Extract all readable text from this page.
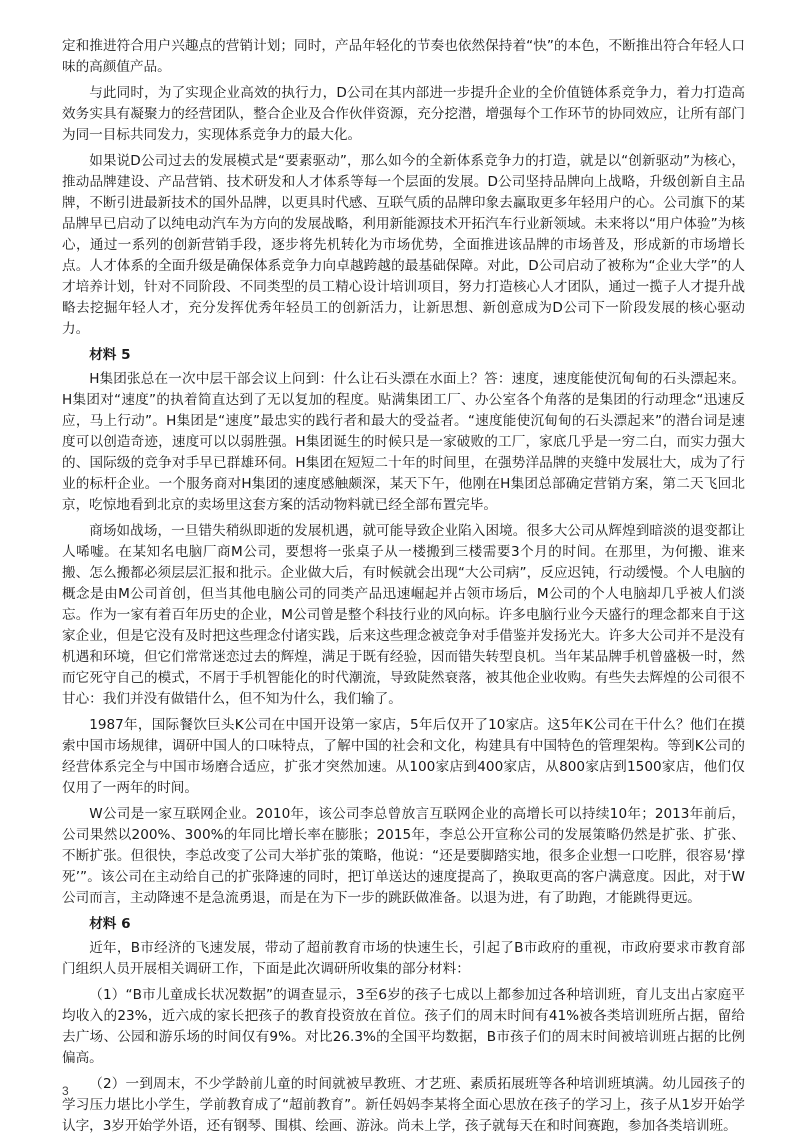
定和推进符合用户兴趣点的营销计划；同时，产品年轻化的节奏也依然保持着“快”的本色，不断推出符合年轻人口味的高颜值产品。

与此同时，为了实现企业高效的执行力，D公司在其内部进一步提升企业的全价值链体系竞争力，着力打造高效务实具有凝聚力的经营团队，整合企业及合作伙伴资源，充分挖潜，增强每个工作环节的协同效应，让所有部门为同一目标共同发力，实现体系竞争力的最大化。

如果说D公司过去的发展模式是“要素驱动”，那么如今的全新体系竞争力的打造，就是以“创新驱动”为核心，推动品牌建设、产品营销、技术研发和人才体系等每一个层面的发展。D公司坚持品牌向上战略，升级创新自主品牌，不断引进最新技术的国外品牌，以更具时代感、互联气质的品牌印象去赢取更多年轻用户的心。公司旗下的某品牌早已启动了以纯电动汽车为方向的发展战略，利用新能源技术开拓汽车行业新领域。未来将以“用户体验”为核心，通过一系列的创新营销手段，逐步将先机转化为市场优势，全面推进该品牌的市场普及，形成新的市场增长点。人才体系的全面升级是确保体系竞争力向卓越跨越的最基础保障。对此，D公司启动了被称为“企业大学”的人才培养计划，针对不同阶段、不同类型的员工精心设计培训项目，努力打造核心人才团队，通过一揽子人才提升战略去挖掘年轻人才，充分发挥优秀年轻员工的创新活力，让新思想、新创意成为D公司下一阶段发展的核心驱动力。

材料 5

H集团张总在一次中层干部会议上问到：什么让石头漂在水面上？答：速度，速度能使沉甸甸的石头漂起来。H集团对“速度”的执着简直达到了无以复加的程度。贴满集团工厂、办公室各个角落的是集团的行动理念“迅速反应，马上行动”。H集团是“速度”最忠实的践行者和最大的受益者。“速度能使沉甸甸的石头漂起来”的潜台词是速度可以创造奇迹，速度可以以弱胜强。H集团诞生的时候只是一家破败的工厂，家底几乎是一穷二白，而实力强大的、国际级的竞争对手早已群雄环伺。H集团在短短二十年的时间里，在强势洋品牌的夹缝中发展壮大，成为了行业的标杆企业。一个服务商对H集团的速度感触颇深，某天下午，他刚在H集团总部确定营销方案，第二天飞回北京，吃惊地看到北京的卖场里这套方案的活动物料就已经全部布置完毕。

商场如战场，一旦错失稍纵即逝的发展机遇，就可能导致企业陷入困境。很多大公司从辉煌到暗淡的退变都让人唏嘘。在某知名电脑厂商M公司，要想将一张桌子从一楼搬到三楼需要3个月的时间。在那里，为何搬、谁来搬、怎么搬都必须层层汇报和批示。企业做大后，有时候就会出现“大公司病”，反应迟钝，行动缓慢。个人电脑的概念是由M公司首创，但当其他电脑公司的同类产品迅速崛起并占领市场后，M公司的个人电脑却几乎被人们淡忘。作为一家有着百年历史的企业，M公司曾是整个科技行业的风向标。许多电脑行业今天盛行的理念都来自于这家企业，但是它没有及时把这些理念付诸实践，后来这些理念被竞争对手借鉴并发扬光大。许多大公司并不是没有机遇和环境，但它们常常迷恋过去的辉煌，满足于既有经验，因而错失转型良机。当年某品牌手机曾盛极一时，然而它死守自己的模式，不屑于手机智能化的时代潮流，导致陡然衰落，被其他企业收购。有些失去辉煌的公司很不甘心：我们并没有做错什么，但不知为什么，我们输了。

1987年，国际餐饮巨头K公司在中国开设第一家店，5年后仅开了10家店。这5年K公司在干什么？他们在摸索中国市场规律，调研中国人的口味特点，了解中国的社会和文化，构建具有中国特色的管理架构。等到K公司的经营体系完全与中国市场磨合适应，扩张才突然加速。从100家店到400家店，从800家店到1500家店，他们仅仅用了一两年的时间。

W公司是一家互联网企业。2010年，该公司李总曾放言互联网企业的高增长可以持续10年；2013年前后，公司果然以200%、300%的年同比增长率在膨胀；2015年，李总公开宣称公司的发展策略仍然是扩张、扩张、不断扩张。但很快，李总改变了公司大举扩张的策略，他说：“还是要脚踏实地，很多企业想一口吃胖，很容易‘撑死’”。该公司在主动给自己的扩张降速的同时，把订单送达的速度提高了，换取更高的客户满意度。因此，对于W公司而言，主动降速不是急流勇退，而是在为下一步的跳跃做准备。以退为进，有了助跑，才能跳得更远。

材料 6

近年，B市经济的飞速发展，带动了超前教育市场的快速生长，引起了B市政府的重视，市政府要求市教育部门组织人员开展相关调研工作，下面是此次调研所收集的部分材料：

（1）“B市儿童成长状况数据”的调查显示，3至6岁的孩子七成以上都参加过各种培训班，育儿支出占家庭平均收入的23%，近六成的家长把孩子的教育投资放在首位。孩子们的周末时间有41%被各类培训班所占据，留给去广场、公园和游乐场的时间仅有9%。对比26.3%的全国平均数据，B市孩子们的周末时间被培训班占据的比例偏高。

（2）一到周末，不少学龄前儿童的时间就被早教班、才艺班、素质拓展班等各种培训班填满。幼儿园孩子的学习压力堪比小学生，学前教育成了“超前教育”。新任妈妈李某将全面心思放在孩子的学习上，孩子从1岁开始学认字，3岁开始学外语，还有钢琴、围棋、绘画、游泳。尚未上学，孩子就每天在和时间赛跑，参加各类培训班。

3
